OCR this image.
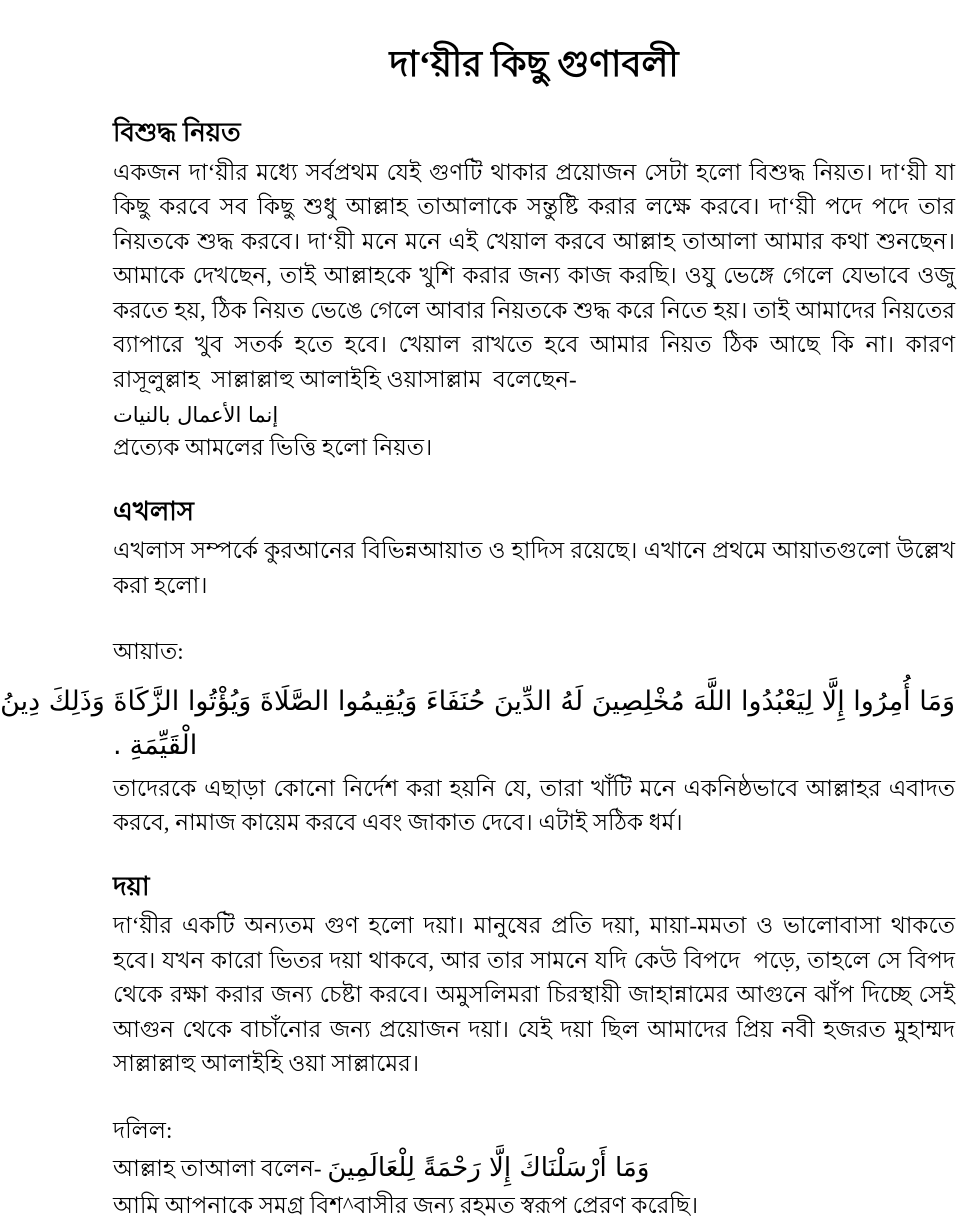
দা‘য়ীর কিছু গুণাবলী
বিশুদ্ধ নিয়ত

একজন দা‘য়ীর মধ্যে সর্বপ্রথম যেই গুণটি থাকার প্রয়োজন সেটা হলো বিশুদ্ধ নিয়ত। দা‘য়ী যা কিছু করবে সব কিছু শুধু আল্লাহ তাআলাকে সন্তুষ্টি করার লক্ষে করবে। দা‘য়ী পদে পদে তার নিয়তকে শুদ্ধ করবে। দা‘য়ী মনে মনে এই খেয়াল করবে আল্লাহ তাআলা আমার কথা শুনছেন। আমাকে দেখছেন, তাই আল্লাহকে খুশি করার জন্য কাজ করছি। ওযু ভেঙ্গে গেলে যেভাবে ওজু করতে হয়, ঠিক নিয়ত ভেঙে গেলে আবার নিয়তকে শুদ্ধ করে নিতে হয়। তাই আমাদের নিয়তের ব্যাপারে খুব সতর্ক হতে হবে। খেয়াল রাখতে হবে আমার নিয়ত ঠিক আছে কি না। কারণ রাসূলুল্লাহ  সাল্লাল্লাহু আলাইহি ওয়াসাল্লাম  বলেছেন-

إنما الأعمال بالنيات

প্রত্যেক আমলের ভিত্তি হলো নিয়ত।

এখলাস

এখলাস সম্পর্কে কুরআনের বিভিন্নআয়াত ও হাদিস রয়েছে। এখানে প্রথমে আয়াতগুলো উল্লেখ করা হলো।

আয়াত:
وَمَا أُمِرُوا إِلَّا لِيَعْبُدُوا اللَّهَ مُخْلِصِينَ لَهُ الدِّينَ حُنَفَاءَ وَيُقِيمُوا الصَّلَاةَ وَيُؤْتُوا الزَّكَاةَ وَذَلِكَ دِينُ
. الْقَيِّمَةِ

তাদেরকে এছাড়া কোনো নির্দেশ করা হয়নি যে, তারা খাঁটি মনে একনিষ্ঠভাবে আল্লাহর এবাদত করবে, নামাজ কায়েম করবে এবং জাকাত দেবে। এটাই সঠিক ধর্ম।

দয়া

দা‘য়ীর একটি অন্যতম গুণ হলো দয়া। মানুষের প্রতি দয়া, মায়া-মমতা ও ভালোবাসা থাকতে হবে। যখন কারো ভিতর দয়া থাকবে, আর তার সামনে যদি কেউ বিপদে  পড়ে, তাহলে সে বিপদ থেকে রক্ষা করার জন্য চেষ্টা করবে। অমুসলিমরা চিরস্থায়ী জাহান্নামের আগুনে ঝাঁপ দিচ্ছে সেই আগুন থেকে বাচাঁনোর জন্য প্রয়োজন দয়া। যেই দয়া ছিল আমাদের প্রিয় নবী হজরত মুহাম্মদ সাল্লাল্লাহু আলাইহি ওয়া সাল্লামের।

দলিল:
আল্লাহ তাআলা বলেন- وَمَا أَرْسَلْنَاكَ إِلَّا رَحْمَةً لِلْعَالَمِينَ

আমি আপনাকে সমগ্র বিশ^বাসীর জন্য রহমত স্বরূপ প্রেরণ করেছি।
